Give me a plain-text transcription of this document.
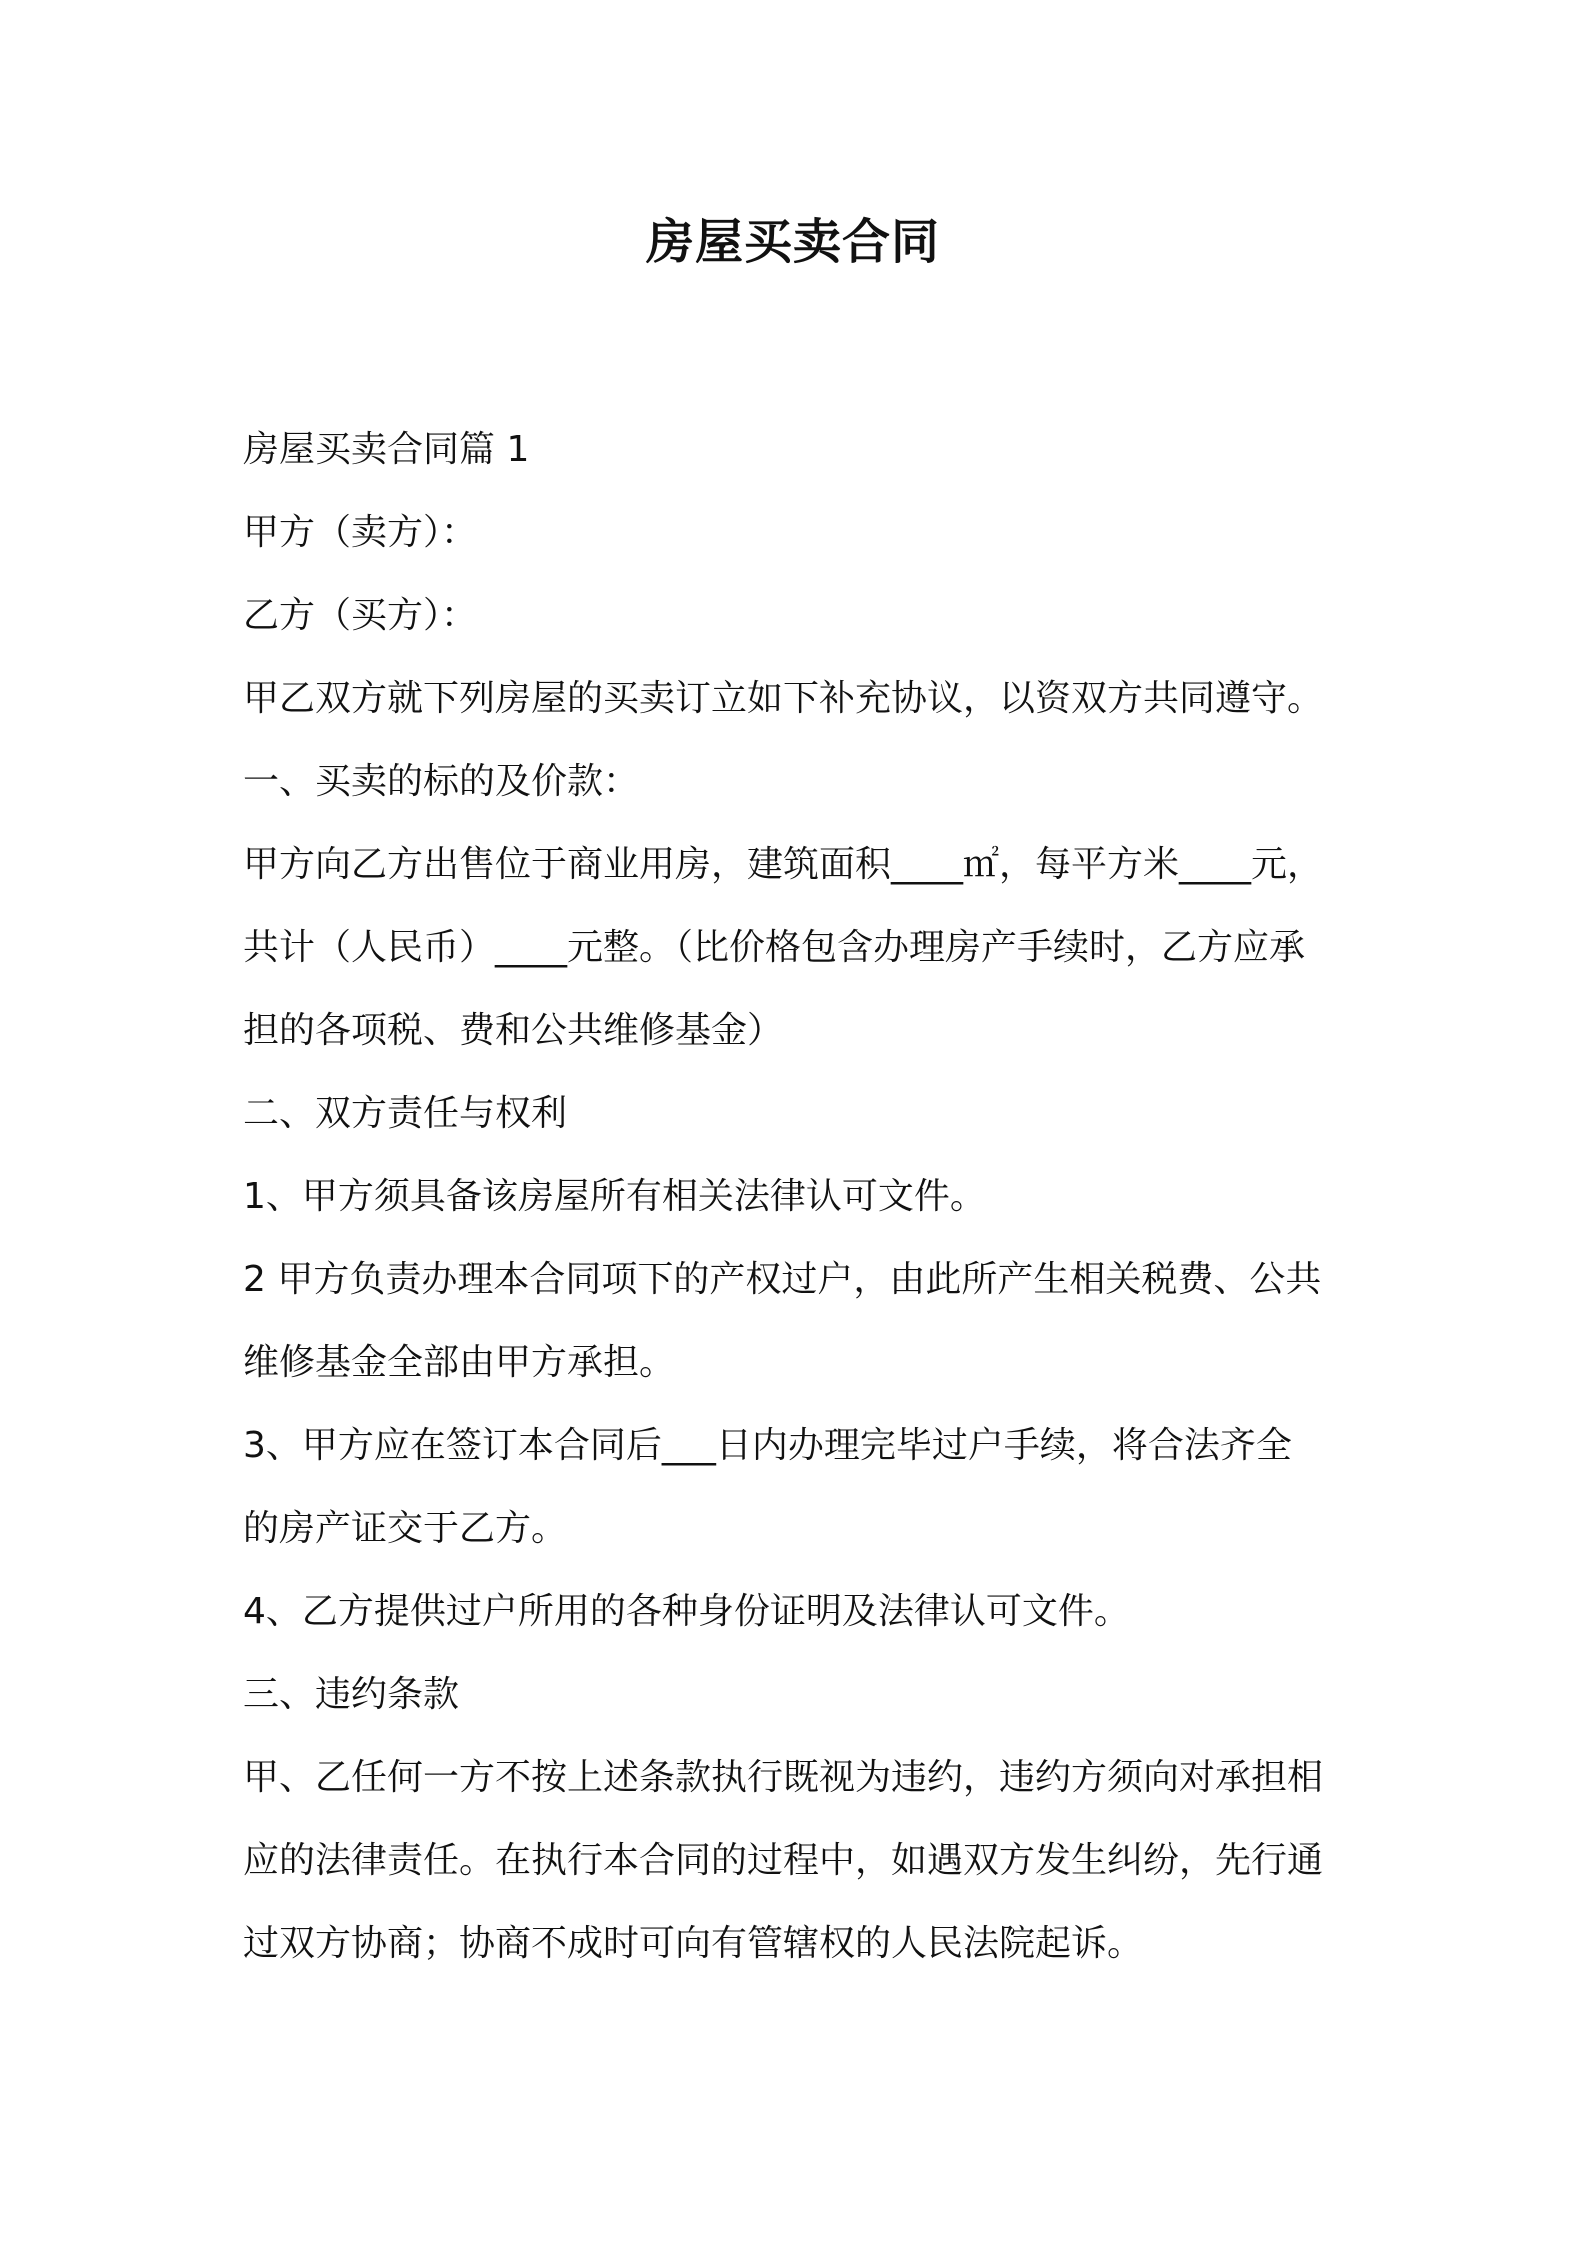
房屋买卖合同

房屋买卖合同篇 1

甲方（卖方）：

乙方（买方）：

甲乙双方就下列房屋的买卖订立如下补充协议，以资双方共同遵守。

一、买卖的标的及价款：

甲方向乙方出售位于商业用房，建筑面积____㎡，每平方米____元，

共计（人民币）____元整。（比价格包含办理房产手续时，乙方应承

担的各项税、费和公共维修基金）

二、双方责任与权利

1、甲方须具备该房屋所有相关法律认可文件。

2 甲方负责办理本合同项下的产权过户，由此所产生相关税费、公共

维修基金全部由甲方承担。

3、甲方应在签订本合同后___日内办理完毕过户手续，将合法齐全

的房产证交于乙方。

4、乙方提供过户所用的各种身份证明及法律认可文件。

三、违约条款

甲、乙任何一方不按上述条款执行既视为违约，违约方须向对承担相

应的法律责任。在执行本合同的过程中，如遇双方发生纠纷，先行通

过双方协商；协商不成时可向有管辖权的人民法院起诉。
